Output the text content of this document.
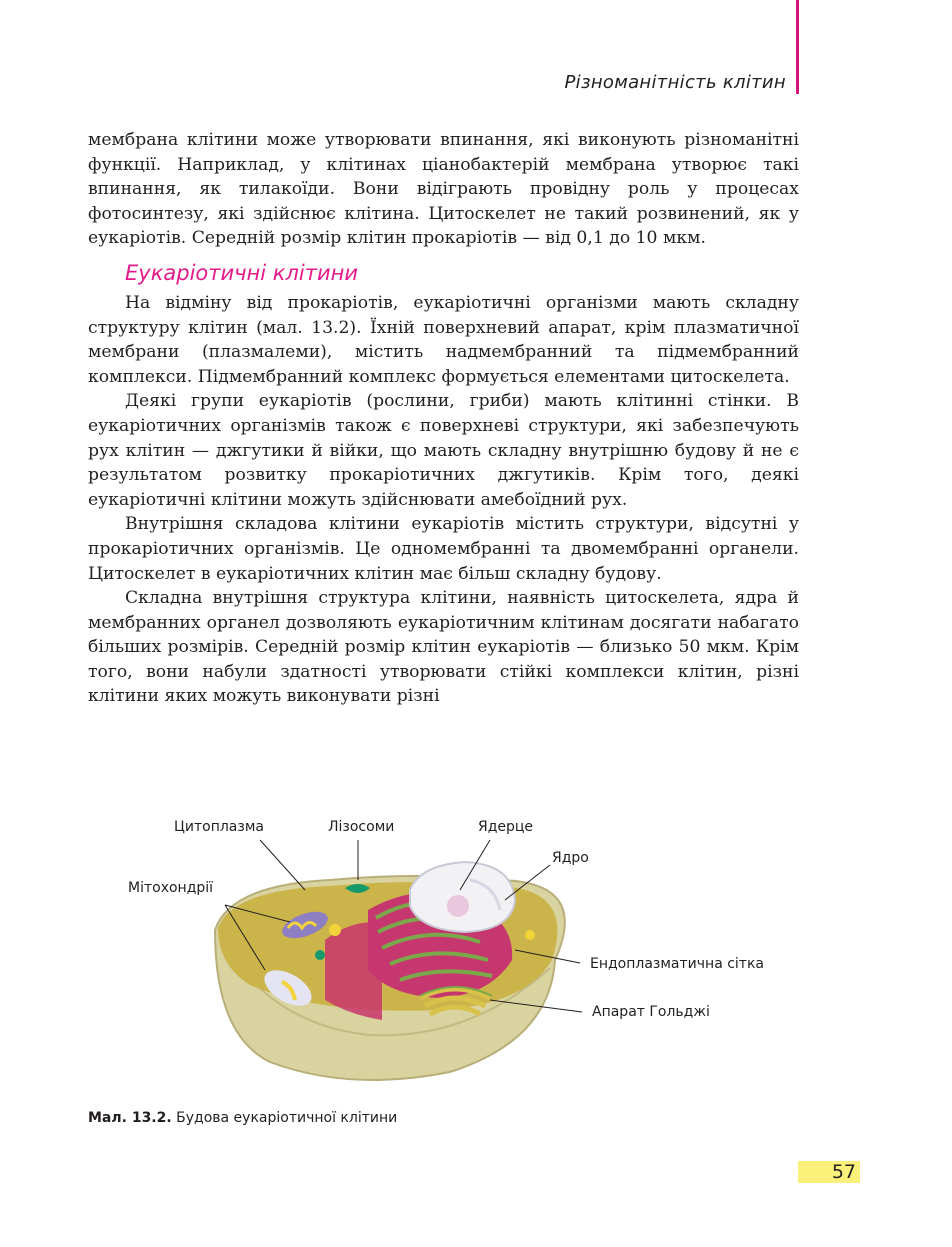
Різноманітність клітин

мембрана клітини може утворювати впинання, які виконують різноманітні функції. Наприклад, у клітинах ціанобактерій мембрана утворює такі впинання, як тилакоїди. Вони відіграють провідну роль у процесах фотосинтезу, які здійснює клітина. Цитоскелет не такий розвинений, як у еукаріотів. Середній розмір клітин прокаріотів — від 0,1 до 10 мкм.

Еукаріотичні клітини

На відміну від прокаріотів, еукаріотичні організми мають складну структуру клітин (мал. 13.2). Їхній поверхневий апарат, крім плазматичної мембрани (плазмалеми), містить надмембранний та підмембранний комплекси. Підмембранний комплекс формується елементами цитоскелета.

Деякі групи еукаріотів (рослини, гриби) мають клітинні стінки. В еукаріотичних організмів також є поверхневі структури, які забезпечують рух клітин — джгутики й війки, що мають складну внутрішню будову й не є результатом розвитку прокаріотичних джгутиків. Крім того, деякі еукаріотичні клітини можуть здійснювати амебоїдний рух.

Внутрішня складова клітини еукаріотів містить структури, відсутні у прокаріотичних організмів. Це одномембранні та двомембранні органели. Цитоскелет в еукаріотичних клітин має більш складну будову.

Складна внутрішня структура клітини, наявність цитоскелета, ядра й мембранних органел дозволяють еукаріотичним клітинам досягати набагато більших розмірів. Середній розмір клітин еукаріотів — близько 50 мкм. Крім того, вони набули здатності утворювати стійкі комплекси клітин, різні клітини яких можуть виконувати різні

Цитоплазма	Лізосоми	Ядерце
Ядро
Мітохондрії
Ендоплазматична сітка
Апарат Гольджі
Мал. 13.2. Будова еукаріотичної клітини
57
